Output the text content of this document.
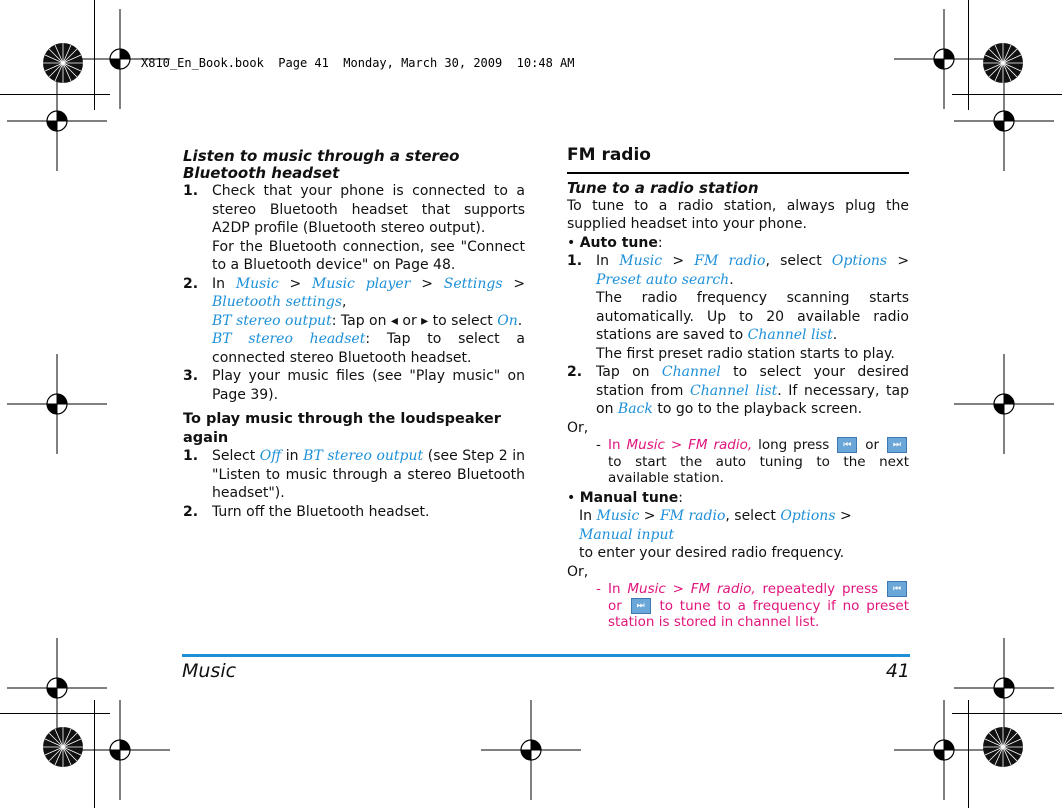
X810_En_Book.book  Page 41  Monday, March 30, 2009  10:48 AM
Listen to music through a stereo
Bluetooth headset
1. Check that your phone is connected to a stereo Bluetooth headset that supports A2DP profile (Bluetooth stereo output).
For the Bluetooth connection, see "Connect to a Bluetooth device" on Page 48.
2. In Music > Music player > Settings > Bluetooth settings,
BT stereo output: Tap on ◂ or ▸ to select On.
BT stereo headset: Tap to select a connected stereo Bluetooth headset.
3. Play your music files (see "Play music" on Page 39).
To play music through the loudspeaker again
1. Select Off in BT stereo output (see Step 2 in "Listen to music through a stereo Bluetooth headset").
2. Turn off the Bluetooth headset.
FM radio
Tune to a radio station
To tune to a radio station, always plug the supplied headset into your phone.
• Auto tune:
1. In Music > FM radio, select Options > Preset auto search.
The radio frequency scanning starts automatically. Up to 20 available radio stations are saved to Channel list.
The first preset radio station starts to play.
2. Tap on Channel to select your desired station from Channel list. If necessary, tap on Back to go to the playback screen.
Or,
- In Music > FM radio, long press	⏮	or	⏭
to start the auto tuning to the next available station.
• Manual tune:
In Music > FM radio, select Options > Manual input
to enter your desired radio frequency.
Or,
- In Music > FM radio, repeatedly press	⏮
or	⏭	to tune to a frequency if no preset station is stored in channel list.
Music	41
